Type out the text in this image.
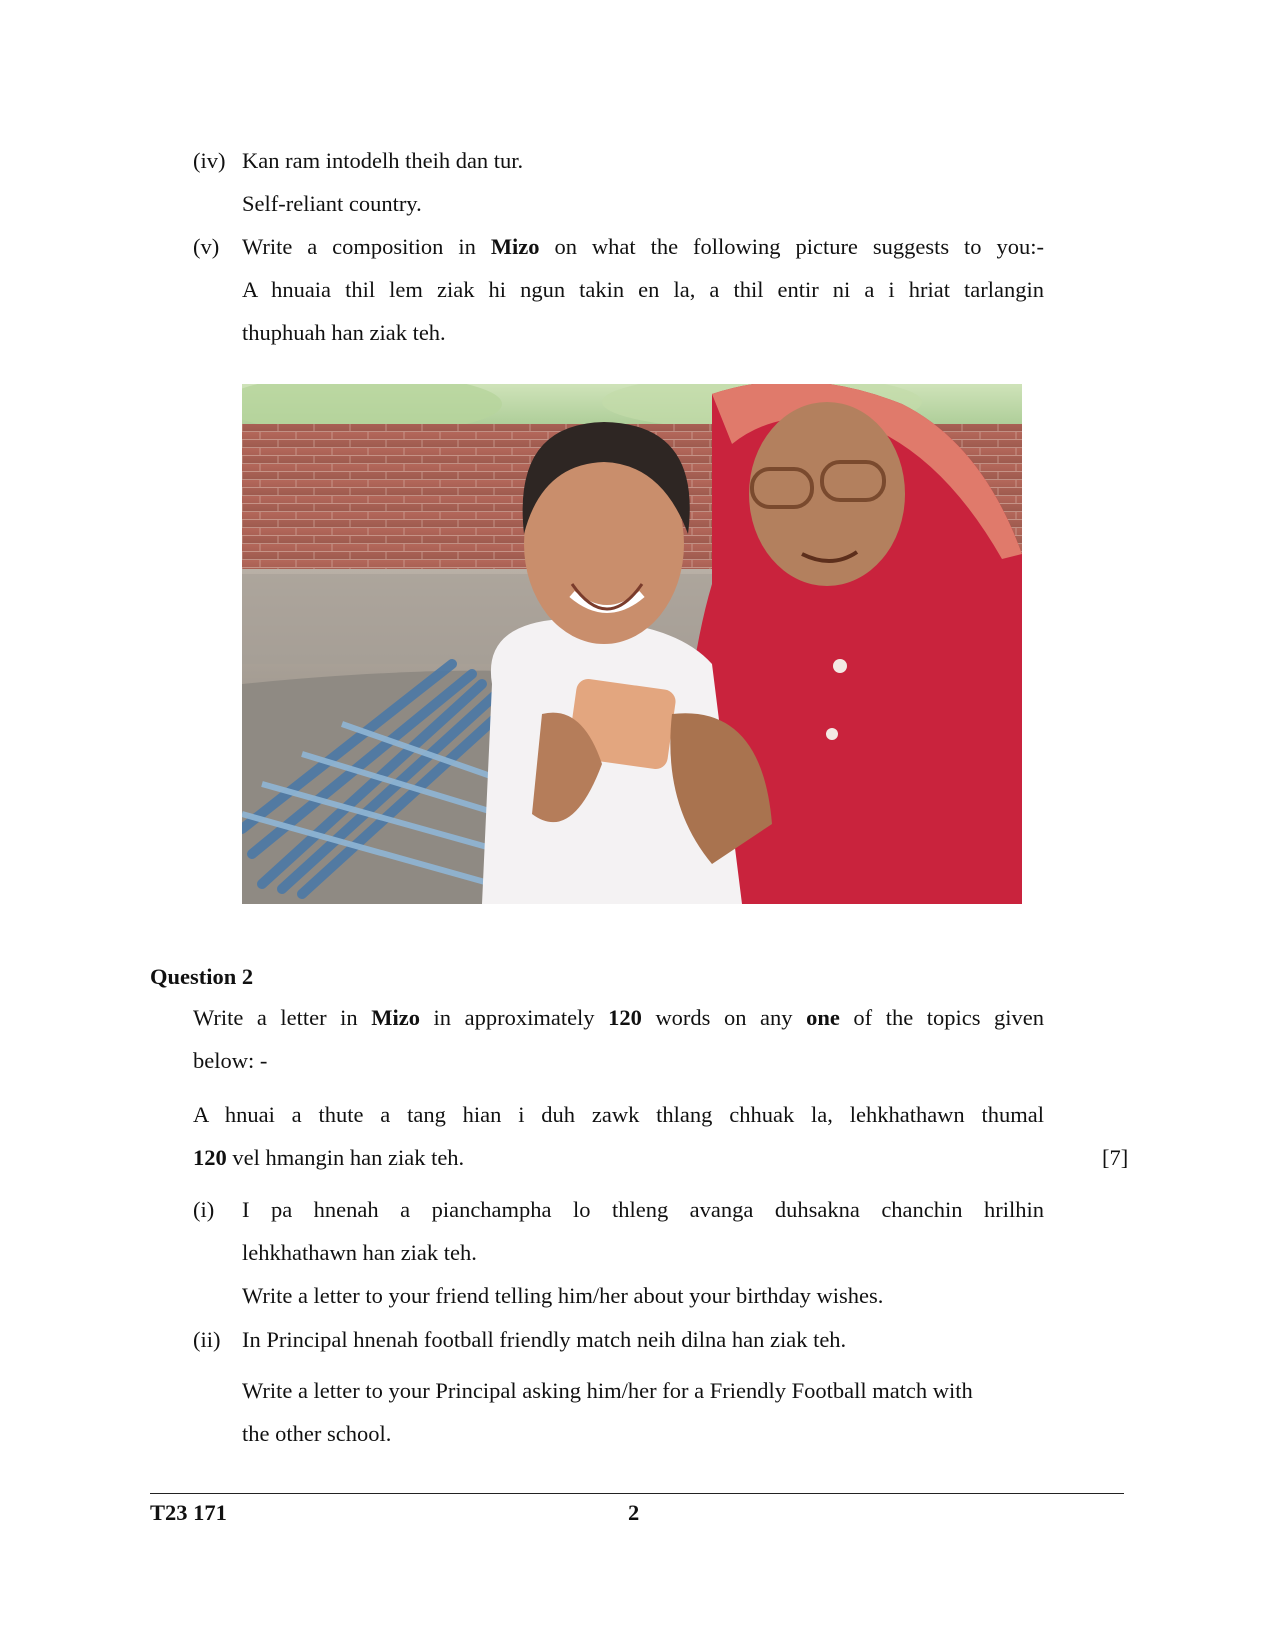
(iv) Kan ram intodelh theih dan tur.
Self-reliant country.
(v) Write a composition in Mizo on what the following picture suggests to you:-
A hnuaia thil lem ziak hi ngun takin en la, a thil entir ni a i hriat tarlangin
thuphuah han ziak teh.
Question 2
Write a letter in Mizo in approximately 120 words on any one of the topics given
below: -
A hnuai a thute a tang hian i duh zawk thlang chhuak la, lehkhathawn thumal
120 vel hmangin han ziak teh.	[7]
(i) I pa hnenah a pianchampha lo thleng avanga duhsakna chanchin hrilhin
lehkhathawn han ziak teh.
Write a letter to your friend telling him/her about your birthday wishes.
(ii) In Principal hnenah football friendly match neih dilna han ziak teh.
Write a letter to your Principal asking him/her for a Friendly Football match with
the other school.
T23 171	2
